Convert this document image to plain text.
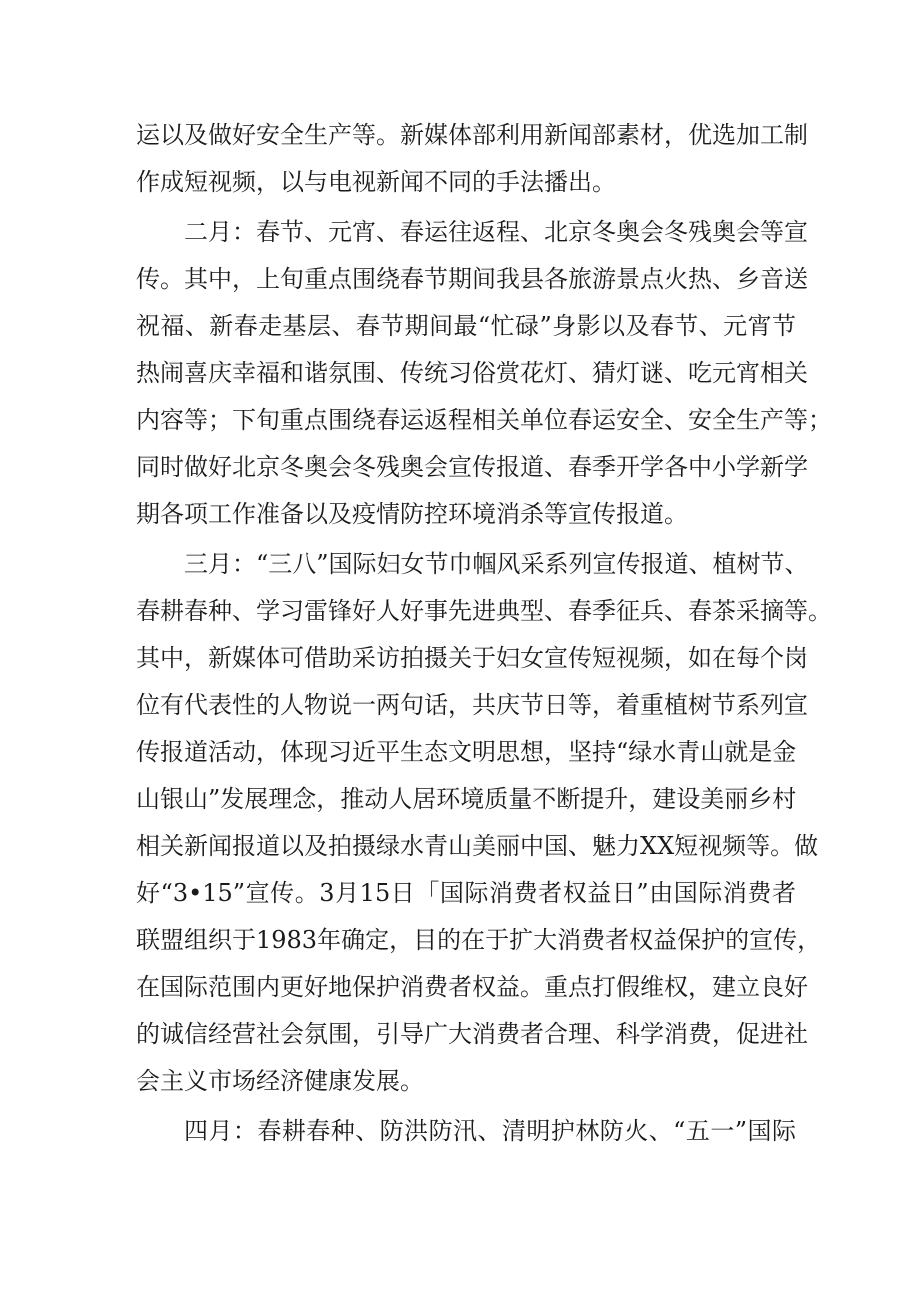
运以及做好安全生产等。新媒体部利用新闻部素材，优选加工制
作成短视频，以与电视新闻不同的手法播出。
二月：春节、元宵、春运往返程、北京冬奥会冬残奥会等宣
传。其中，上旬重点围绕春节期间我县各旅游景点火热、乡音送
祝福、新春走基层、春节期间最“忙碌”身影以及春节、元宵节
热闹喜庆幸福和谐氛围、传统习俗赏花灯、猜灯谜、吃元宵相关
内容等；下旬重点围绕春运返程相关单位春运安全、安全生产等；
同时做好北京冬奥会冬残奥会宣传报道、春季开学各中小学新学
期各项工作准备以及疫情防控环境消杀等宣传报道。
三月：“三八”国际妇女节巾帼风采系列宣传报道、植树节、
春耕春种、学习雷锋好人好事先进典型、春季征兵、春茶采摘等。
其中，新媒体可借助采访拍摄关于妇女宣传短视频，如在每个岗
位有代表性的人物说一两句话，共庆节日等，着重植树节系列宣
传报道活动，体现习近平生态文明思想，坚持“绿水青山就是金
山银山”发展理念，推动人居环境质量不断提升，建设美丽乡村
相关新闻报道以及拍摄绿水青山美丽中国、魅力XX短视频等。做
好“3•15”宣传。3月15日「国际消费者权益日”由国际消费者
联盟组织于1983年确定，目的在于扩大消费者权益保护的宣传，
在国际范围内更好地保护消费者权益。重点打假维权，建立良好
的诚信经营社会氛围，引导广大消费者合理、科学消费，促进社
会主义市场经济健康发展。
四月：春耕春种、防洪防汛、清明护林防火、“五一”国际
